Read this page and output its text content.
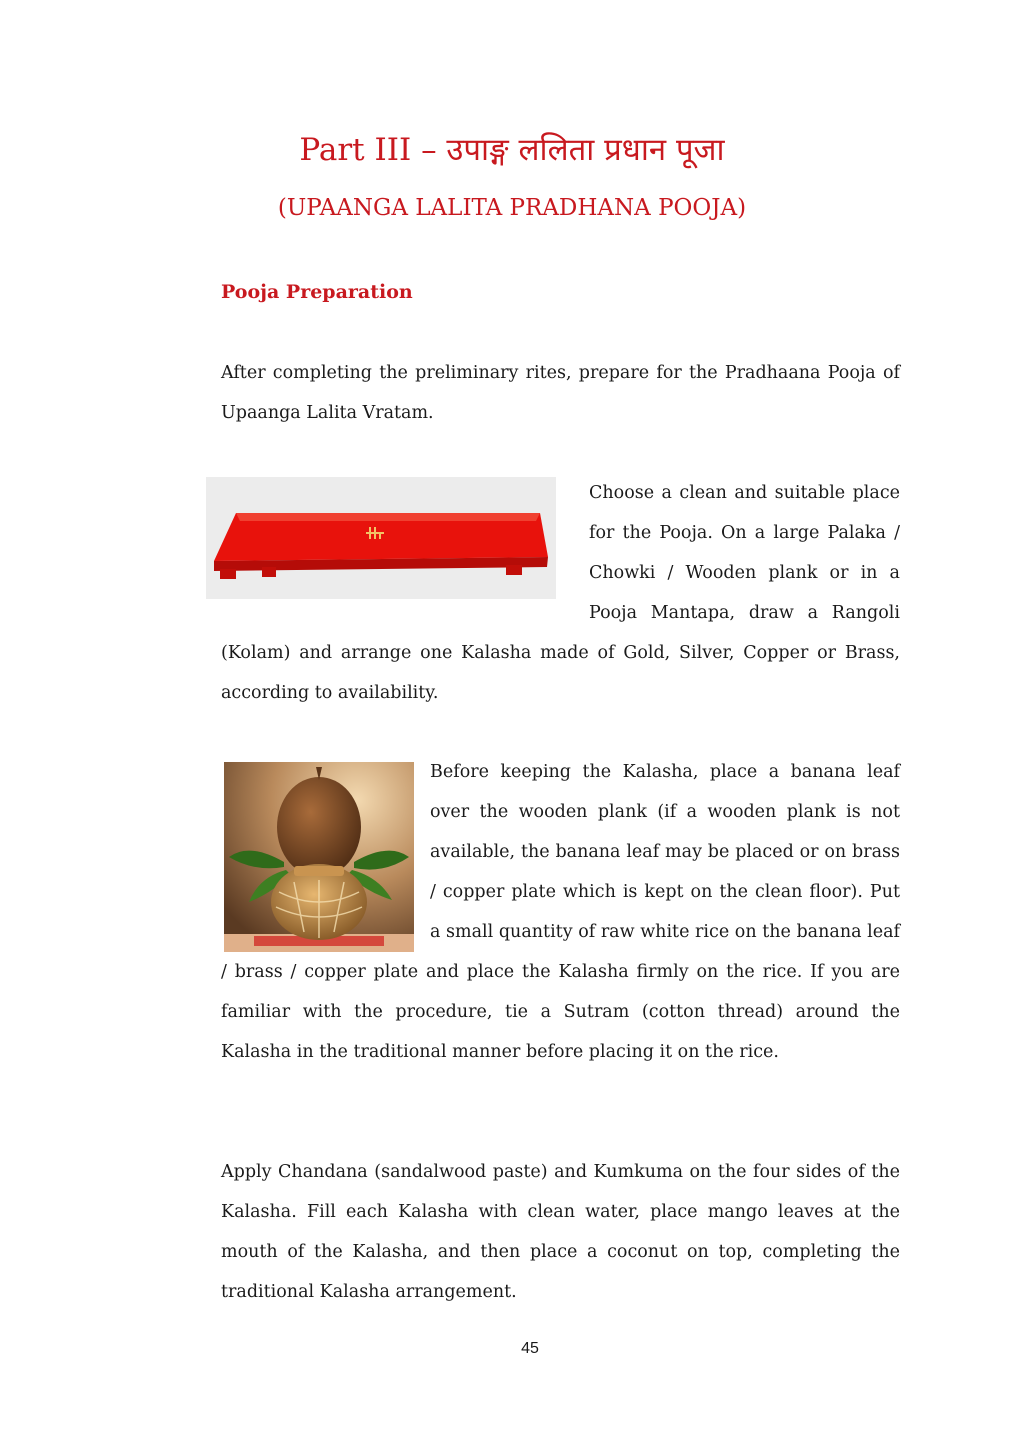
Part III – उपाङ्ग ललिता प्रधान पूजा
(UPAANGA LALITA PRADHANA POOJA)
Pooja Preparation

After completing the preliminary rites, prepare for the Pradhaana Pooja of Upaanga Lalita Vratam.

Choose a clean and suitable place for the Pooja. On a large Palaka / Chowki / Wooden plank or in a Pooja Mantapa, draw a Rangoli (Kolam) and arrange one Kalasha made of Gold, Silver, Copper or Brass, according to availability.
Before keeping the Kalasha, place a banana leaf over the wooden plank (if a wooden plank is not available, the banana leaf may be placed or on brass / copper plate which is kept on the clean floor). Put a small quantity of raw white rice on the banana leaf / brass / copper plate and place the Kalasha firmly on the rice. If you are familiar with the procedure, tie a Sutram (cotton thread) around the Kalasha in the traditional manner before placing it on the rice.

Apply Chandana (sandalwood paste) and Kumkuma on the four sides of the Kalasha. Fill each Kalasha with clean water, place mango leaves at the mouth of the Kalasha, and then place a coconut on top, completing the traditional Kalasha arrangement.

45
